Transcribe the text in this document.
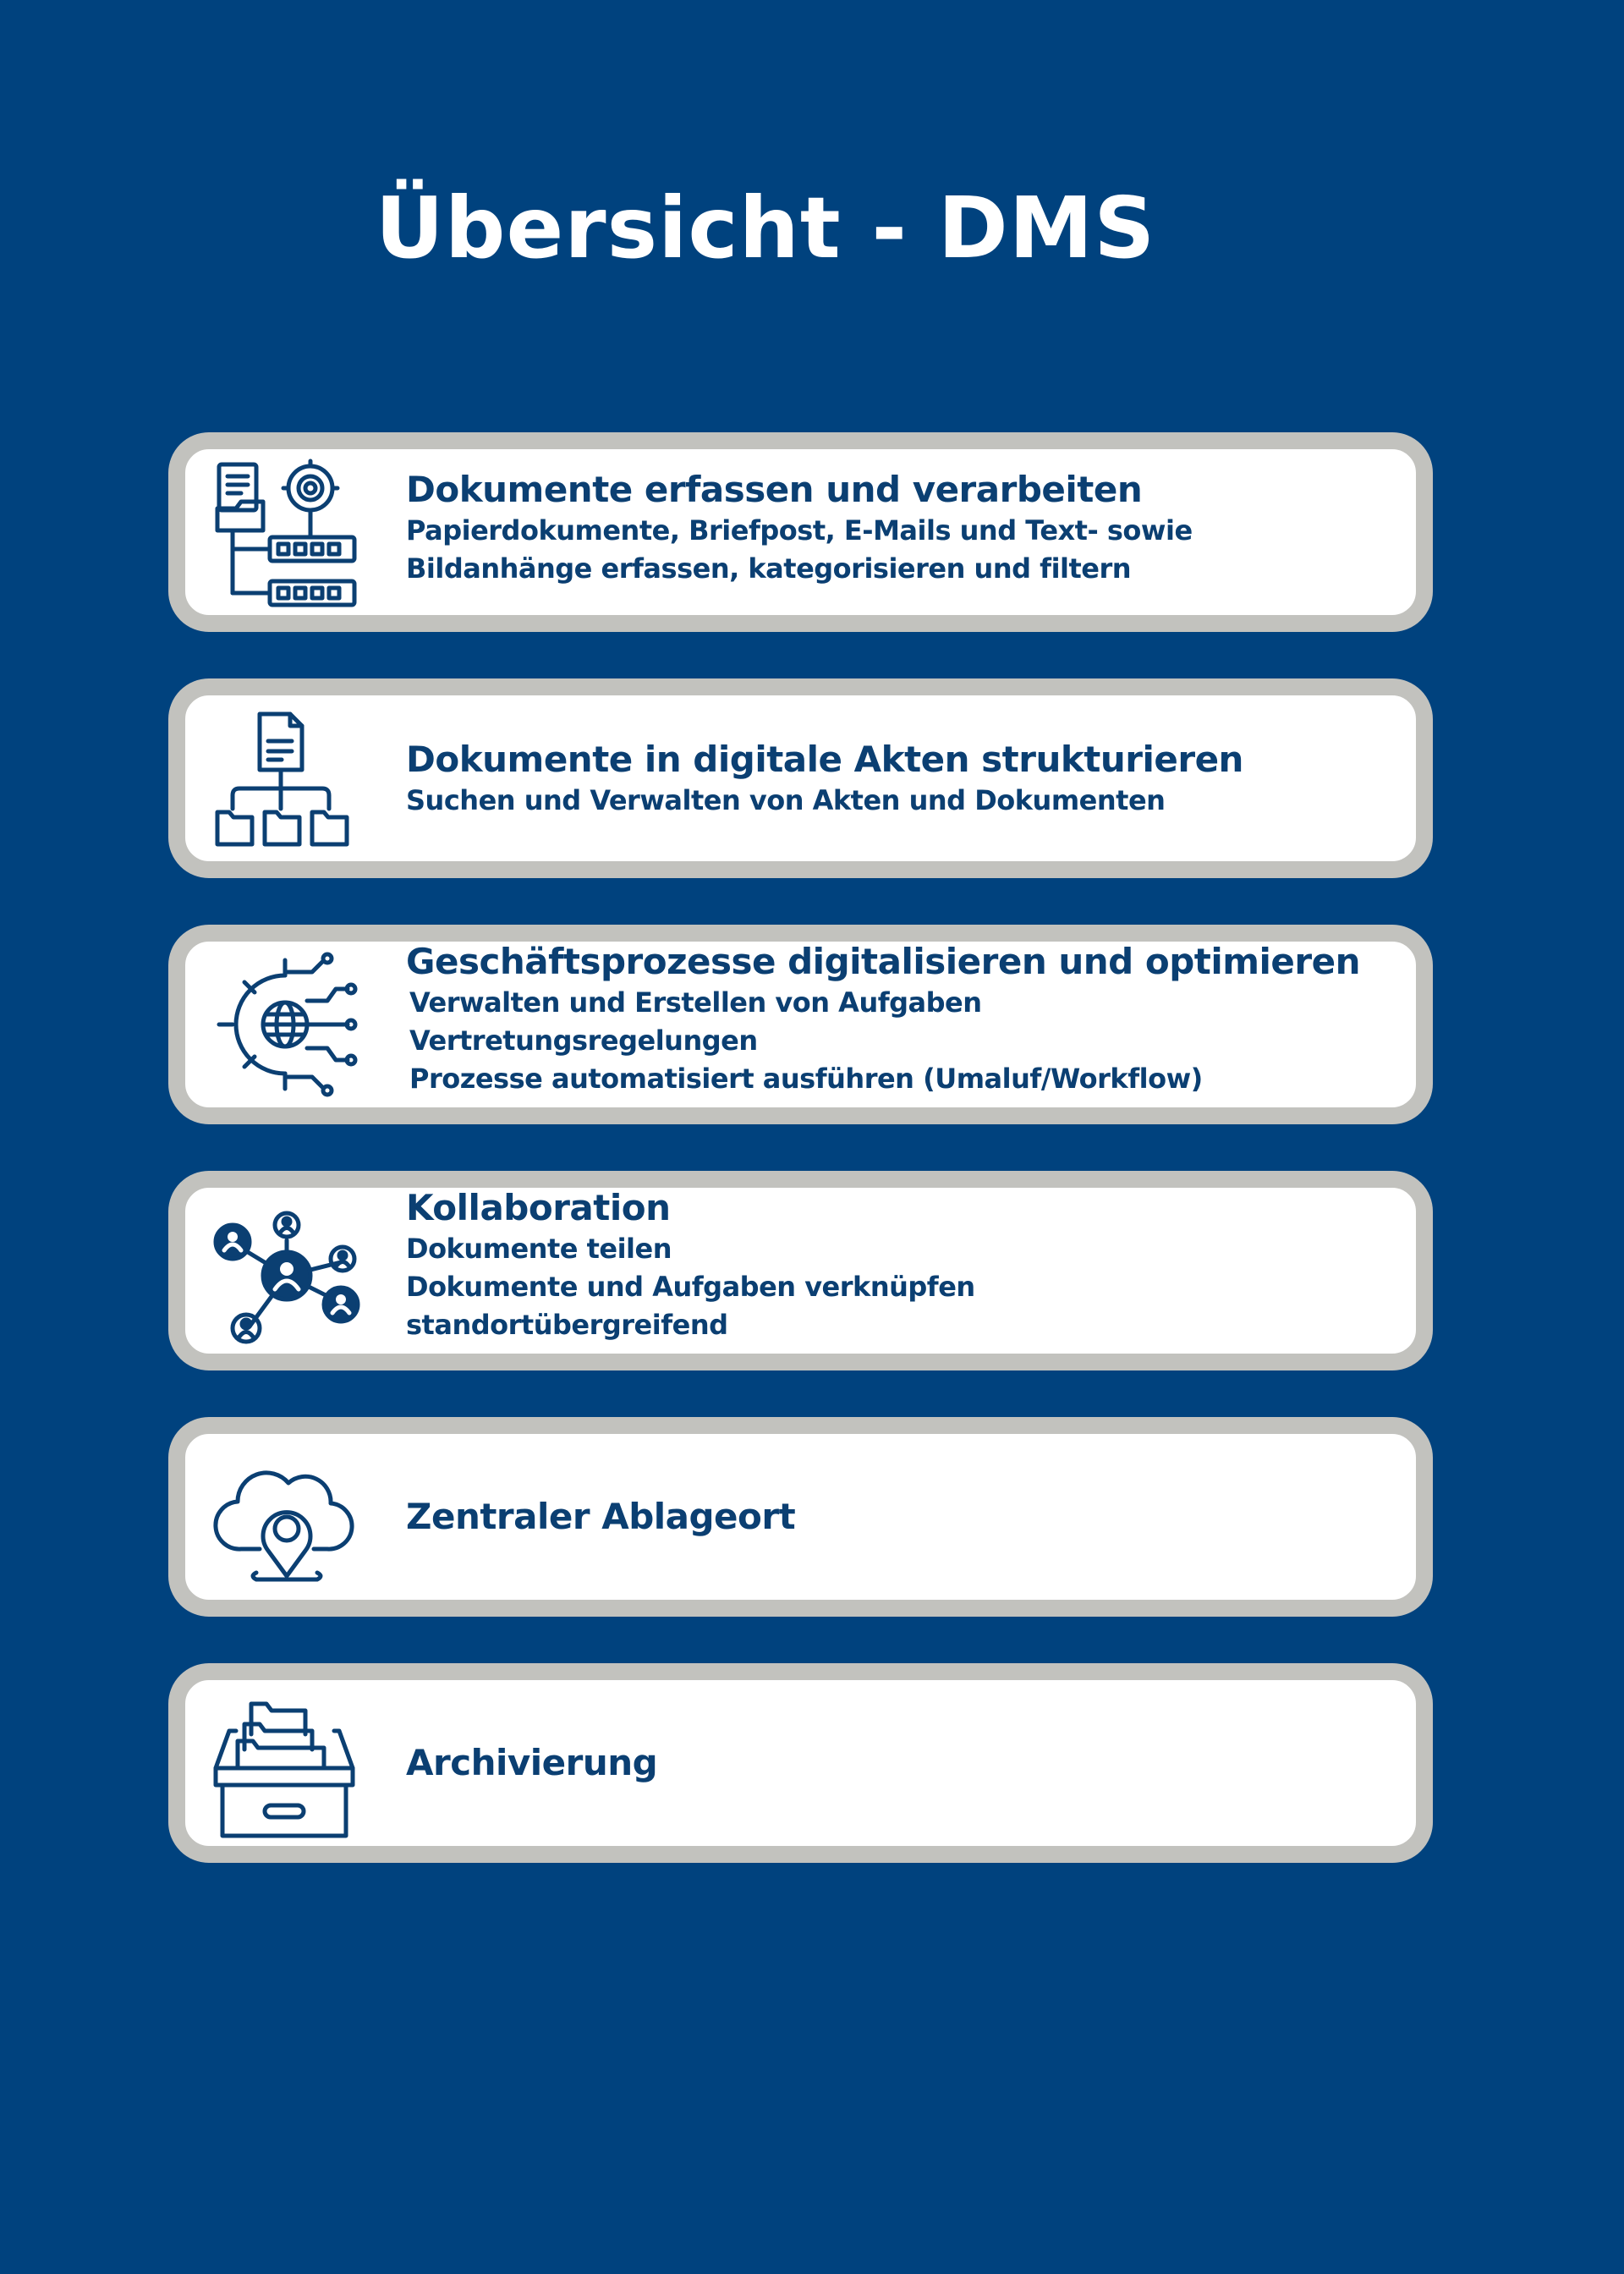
Übersicht - DMS
Dokumente erfassen und verarbeiten
Papierdokumente, Briefpost, E-Mails und Text- sowie
Bildanhänge erfassen, kategorisieren und filtern
Dokumente in digitale Akten strukturieren
Suchen und Verwalten von Akten und Dokumenten
Geschäftsprozesse digitalisieren und optimieren
Verwalten und Erstellen von Aufgaben
Vertretungsregelungen
Prozesse automatisiert ausführen (Umaluf/Workflow)
Kollaboration
Dokumente teilen
Dokumente und Aufgaben verknüpfen
standortübergreifend
Zentraler Ablageort
Archivierung
